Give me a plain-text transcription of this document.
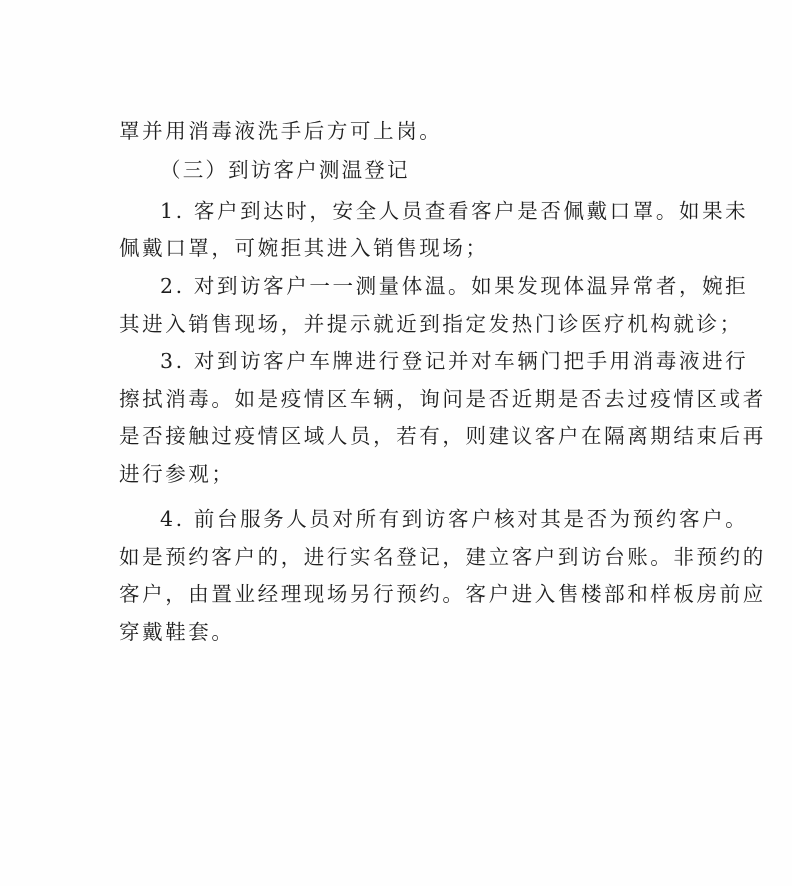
罩并用消毒液洗手后方可上岗。

（三）到访客户测温登记

1. 客户到达时，安全人员查看客户是否佩戴口罩。如果未

佩戴口罩，可婉拒其进入销售现场；

2. 对到访客户一一测量体温。如果发现体温异常者，婉拒

其进入销售现场，并提示就近到指定发热门诊医疗机构就诊；

3. 对到访客户车牌进行登记并对车辆门把手用消毒液进行

擦拭消毒。如是疫情区车辆，询问是否近期是否去过疫情区或者

是否接触过疫情区域人员，若有，则建议客户在隔离期结束后再

进行参观；

4. 前台服务人员对所有到访客户核对其是否为预约客户。

如是预约客户的，进行实名登记，建立客户到访台账。非预约的

客户，由置业经理现场另行预约。客户进入售楼部和样板房前应

穿戴鞋套。
